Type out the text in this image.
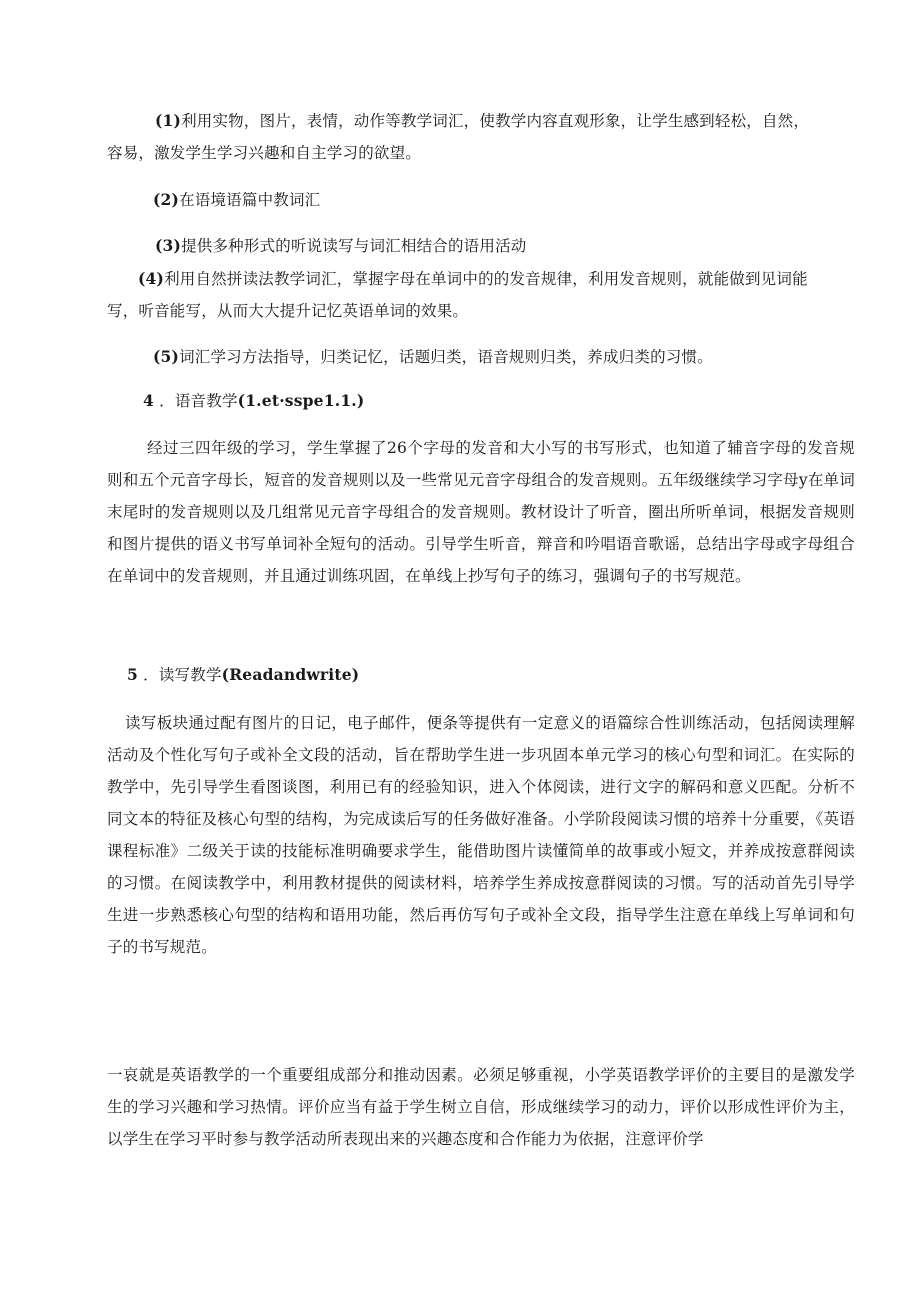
(1)利用实物，图片，表情，动作等教学词汇，使教学内容直观形象，让学生感到轻松，自然，
容易，激发学生学习兴趣和自主学习的欲望。
(2)在语境语篇中教词汇
(3)提供多种形式的听说读写与词汇相结合的语用活动
(4)利用自然拼读法教学词汇，掌握字母在单词中的的发音规律，利用发音规则，就能做到见词能
写，听音能写，从而大大提升记忆英语单词的效果。
(5)词汇学习方法指导，归类记忆，话题归类，语音规则归类，养成归类的习惯。
4 ．语音教学(1.et·sspe1.1.)
经过三四年级的学习，学生掌握了26个字母的发音和大小写的书写形式，也知道了辅音字母的发音规则和五个元音字母长，短音的发音规则以及一些常见元音字母组合的发音规则。五年级继续学习字母y在单词末尾时的发音规则以及几组常见元音字母组合的发音规则。教材设计了听音，圈出所听单词，根据发音规则和图片提供的语义书写单词补全短句的活动。引导学生听音，辩音和吟唱语音歌谣，总结出字母或字母组合在单词中的发音规则，并且通过训练巩固，在单线上抄写句子的练习，强调句子的书写规范。
5 ．读写教学(Readandwrite)
读写板块通过配有图片的日记，电子邮件，便条等提供有一定意义的语篇综合性训练活动，包括阅读理解活动及个性化写句子或补全文段的活动，旨在帮助学生进一步巩固本单元学习的核心句型和词汇。在实际的教学中，先引导学生看图谈图，利用已有的经验知识，进入个体阅读，进行文字的解码和意义匹配。分析不同文本的特征及核心句型的结构，为完成读后写的任务做好准备。小学阶段阅读习惯的培养十分重要，《英语课程标准》二级关于读的技能标准明确要求学生，能借助图片读懂简单的故事或小短文，并养成按意群阅读的习惯。在阅读教学中，利用教材提供的阅读材料，培养学生养成按意群阅读的习惯。写的活动首先引导学生进一步熟悉核心句型的结构和语用功能，然后再仿写句子或补全文段，指导学生注意在单线上写单词和句子的书写规范。
一哀就是英语教学的一个重要组成部分和推动因素。必须足够重视，小学英语教学评价的主要目的是激发学生的学习兴趣和学习热情。评价应当有益于学生树立自信，形成继续学习的动力，评价以形成性评价为主，以学生在学习平时参与教学活动所表现出来的兴趣态度和合作能力为依据，注意评价学
